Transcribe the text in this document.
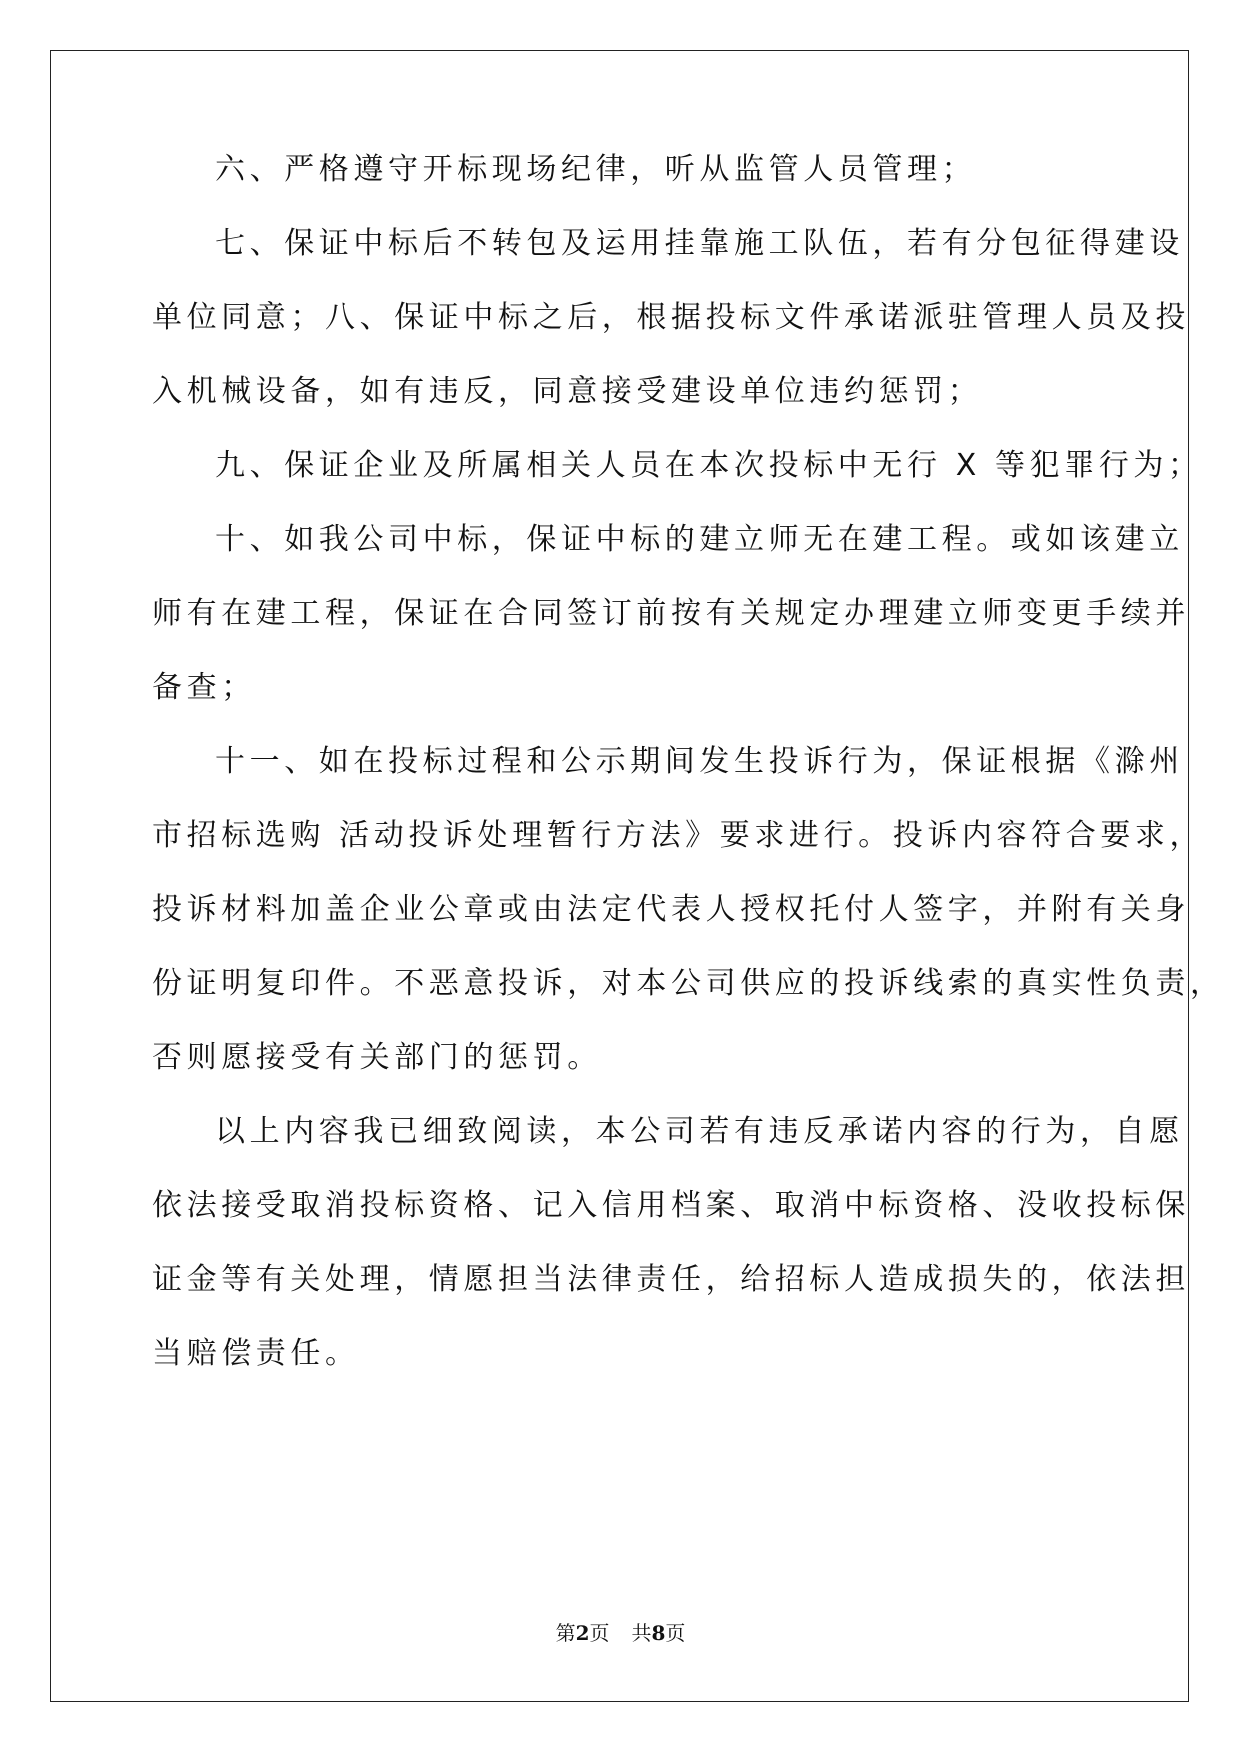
六、严格遵守开标现场纪律，听从监管人员管理；
七、保证中标后不转包及运用挂靠施工队伍，若有分包征得建设
单位同意；八、保证中标之后，根据投标文件承诺派驻管理人员及投
入机械设备，如有违反，同意接受建设单位违约惩罚；
九、保证企业及所属相关人员在本次投标中无行 X 等犯罪行为；
十、如我公司中标，保证中标的建立师无在建工程。或如该建立
师有在建工程，保证在合同签订前按有关规定办理建立师变更手续并
备查；
十一、如在投标过程和公示期间发生投诉行为，保证根据《滁州
市招标选购 活动投诉处理暂行方法》要求进行。投诉内容符合要求，
投诉材料加盖企业公章或由法定代表人授权托付人签字，并附有关身
份证明复印件。不恶意投诉，对本公司供应的投诉线索的真实性负责，
否则愿接受有关部门的惩罚。
以上内容我已细致阅读，本公司若有违反承诺内容的行为，自愿
依法接受取消投标资格、记入信用档案、取消中标资格、没收投标保
证金等有关处理，情愿担当法律责任，给招标人造成损失的，依法担
当赔偿责任。
第2页 共8页
